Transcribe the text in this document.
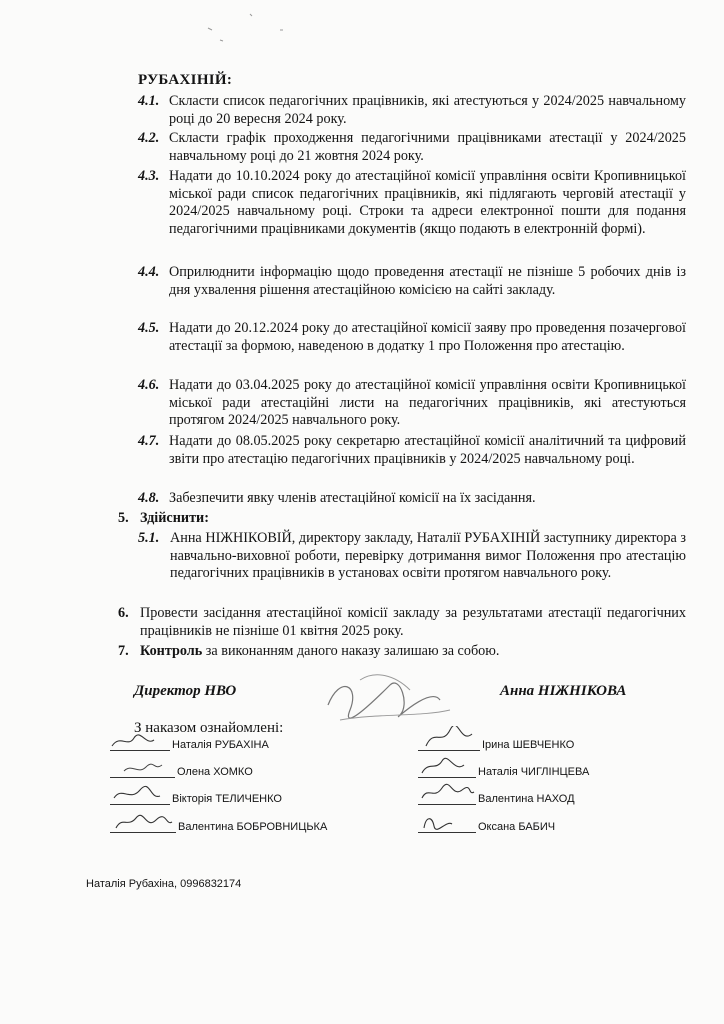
РУБАХІНІЙ:
4.1. Скласти список педагогічних працівників, які атестуються у 2024/2025 навчальному році до 20 вересня 2024 року.
4.2. Скласти графік проходження педагогічними працівниками атестації у 2024/2025 навчальному році до 21 жовтня 2024 року.
4.3. Надати до 10.10.2024 року до атестаційної комісії управління освіти Кропивницької міської ради список педагогічних працівників, які підлягають черговій атестації у 2024/2025 навчальному році. Строки та адреси електронної пошти для подання педагогічними працівниками документів (якщо подають в електронній формі).
4.4. Оприлюднити інформацію щодо проведення атестації не пізніше 5 робочих днів із дня ухвалення рішення атестаційною комісією на сайті закладу.
4.5. Надати до 20.12.2024 року до атестаційної комісії заяву про проведення позачергової атестації за формою, наведеною в додатку 1 про Положення про атестацію.
4.6. Надати до 03.04.2025 року до атестаційної комісії управління освіти Кропивницької міської ради атестаційні листи на педагогічних працівників, які атестуються протягом 2024/2025 навчального року.
4.7. Надати до 08.05.2025 року секретарю атестаційної комісії аналітичний та цифровий звіти про атестацію педагогічних працівників у 2024/2025 навчальному році.
4.8. Забезпечити явку членів атестаційної комісії на їх засідання.
5. Здійснити:
5.1. Анна НІЖНІКОВІЙ, директору закладу, Наталії РУБАХІНІЙ заступнику директора з навчально-виховної роботи, перевірку дотримання вимог Положення про атестацію педагогічних працівників в установах освіти протягом навчального року.
6. Провести засідання атестаційної комісії закладу за результатами атестації педагогічних працівників не пізніше 01 квітня 2025 року.
7. Контроль за виконанням даного наказу залишаю за собою.
Директор НВО	Анна НІЖНІКОВА
З наказом ознайомлені:
Наталія РУБАХІНА
Олена ХОМКО
Вікторія ТЕЛИЧЕНКО
Валентина БОБРОВНИЦЬКА
Ірина ШЕВЧЕНКО
Наталія ЧИГЛІНЦЕВА
Валентина НАХОД
Оксана БАБИЧ
Наталія Рубахіна, 0996832174
